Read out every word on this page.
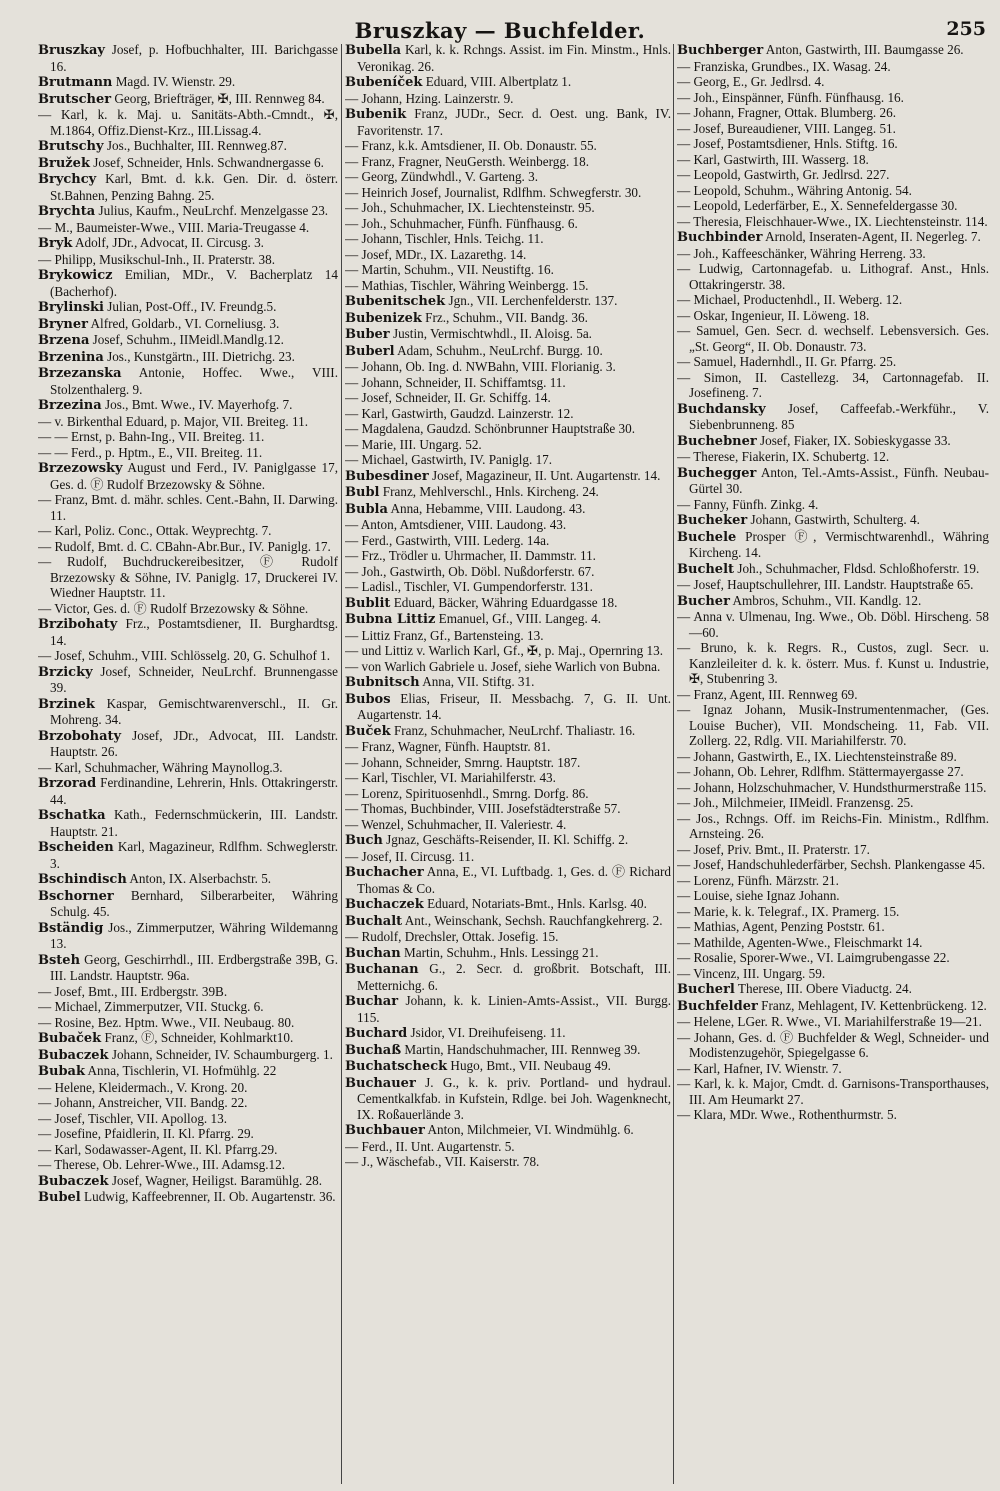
Bruszkay — Buchfelder.	255

Bruszkay Josef, p. Hofbuchhalter, III. Barichgasse 16.

Brutmann Magd. IV. Wienstr. 29.

Brutscher Georg, Briefträger, ✠, III. Rennweg 84.

— Karl, k. k. Maj. u. Sanitäts-Abth.-Cmndt., ✠, M.1864, Offiz.Dienst-Krz., III.Lissag.4.

Brutschy Jos., Buchhalter, III. Rennweg.87.

Bružek Josef, Schneider, Hnls. Schwandnergasse 6.

Brychcy Karl, Bmt. d. k.k. Gen. Dir. d. österr. St.Bahnen, Penzing Bahng. 25.

Brychta Julius, Kaufm., NeuLrchf. Menzelgasse 23.

— M., Baumeister-Wwe., VIII. Maria-Treugasse 4.

Bryk Adolf, JDr., Advocat, II. Circusg. 3.

— Philipp, Musikschul-Inh., II. Praterstr. 38.

Brykowicz Emilian, MDr., V. Bacherplatz 14 (Bacherhof).

Brylinski Julian, Post-Off., IV. Freundg.5.

Bryner Alfred, Goldarb., VI. Corneliusg. 3.

Brzena Josef, Schuhm., IIMeidl.Mandlg.12.

Brzenina Jos., Kunstgärtn., III. Dietrichg. 23.

Brzezanska Antonie, Hoffec. Wwe., VIII. Stolzenthalerg. 9.

Brzezina Jos., Bmt. Wwe., IV. Mayerhofg. 7.

— v. Birkenthal Eduard, p. Major, VII. Breiteg. 11.

— — Ernst, p. Bahn-Ing., VII. Breiteg. 11.

— — Ferd., p. Hptm., E., VII. Breiteg. 11.

Brzezowsky August und Ferd., IV. Paniglgasse 17, Ges. d. Ⓕ Rudolf Brzezowsky & Söhne.

— Franz, Bmt. d. mähr. schles. Cent.-Bahn, II. Darwing. 11.

— Karl, Poliz. Conc., Ottak. Weyprechtg. 7.

— Rudolf, Bmt. d. C. CBahn-Abr.Bur., IV. Paniglg. 17.

— Rudolf, Buchdruckereibesitzer, Ⓕ Rudolf Brzezowsky & Söhne, IV. Paniglg. 17, Druckerei IV. Wiedner Hauptstr. 11.

— Victor, Ges. d. Ⓕ Rudolf Brzezowsky & Söhne.

Brzibohaty Frz., Postamtsdiener, II. Burghardtsg. 14.

— Josef, Schuhm., VIII. Schlösselg. 20, G. Schulhof 1.

Brzicky Josef, Schneider, NeuLrchf. Brunnengasse 39.

Brzinek Kaspar, Gemischtwarenverschl., II. Gr. Mohreng. 34.

Brzobohaty Josef, JDr., Advocat, III. Landstr. Hauptstr. 26.

— Karl, Schuhmacher, Währing Maynollog.3.

Brzorad Ferdinandine, Lehrerin, Hnls. Ottakringerstr. 44.

Bschatka Kath., Federnschmückerin, III. Landstr. Hauptstr. 21.

Bscheiden Karl, Magazineur, Rdlfhm. Schweglerstr. 3.

Bschindisch Anton, IX. Alserbachstr. 5.

Bschorner Bernhard, Silberarbeiter, Währing Schulg. 45.

Bständig Jos., Zimmerputzer, Währing Wildemanng 13.

Bsteh Georg, Geschirrhdl., III. Erdbergstraße 39B, G. III. Landstr. Hauptstr. 96a.

— Josef, Bmt., III. Erdbergstr. 39B.

— Michael, Zimmerputzer, VII. Stuckg. 6.

— Rosine, Bez. Hptm. Wwe., VII. Neubaug. 80.

Bubaček Franz, Ⓕ, Schneider, Kohlmarkt10.

Bubaczek Johann, Schneider, IV. Schaumburgerg. 1.

Bubak Anna, Tischlerin, VI. Hofmühlg. 22

— Helene, Kleidermach., V. Krong. 20.

— Johann, Anstreicher, VII. Bandg. 22.

— Josef, Tischler, VII. Apollog. 13.

— Josefine, Pfaidlerin, II. Kl. Pfarrg. 29.

— Karl, Sodawasser-Agent, II. Kl. Pfarrg.29.

— Therese, Ob. Lehrer-Wwe., III. Adamsg.12.

Bubaczek Josef, Wagner, Heiligst. Baramühlg. 28.

Bubel Ludwig, Kaffeebrenner, II. Ob. Augartenstr. 36.

Bubella Karl, k. k. Rchngs. Assist. im Fin. Minstm., Hnls. Veronikag. 26.

Bubeníček Eduard, VIII. Albertplatz 1.

— Johann, Hzing. Lainzerstr. 9.

Bubenik Franz, JUDr., Secr. d. Oest. ung. Bank, IV. Favoritenstr. 17.

— Franz, k.k. Amtsdiener, II. Ob. Donaustr. 55.

— Franz, Fragner, NeuGersth. Weinbergg. 18.

— Georg, Zündwhdl., V. Garteng. 3.

— Heinrich Josef, Journalist, Rdlfhm. Schwegferstr. 30.

— Joh., Schuhmacher, IX. Liechtensteinstr. 95.

— Joh., Schuhmacher, Fünfh. Fünfhausg. 6.

— Johann, Tischler, Hnls. Teichg. 11.

— Josef, MDr., IX. Lazarethg. 14.

— Martin, Schuhm., VII. Neustiftg. 16.

— Mathias, Tischler, Währing Weinbergg. 15.

Bubenitschek Jgn., VII. Lerchenfelderstr. 137.

Bubenizek Frz., Schuhm., VII. Bandg. 36.

Buber Justin, Vermischtwhdl., II. Aloisg. 5a.

Buberl Adam, Schuhm., NeuLrchf. Burgg. 10.

— Johann, Ob. Ing. d. NWBahn, VIII. Florianig. 3.

— Johann, Schneider, II. Schiffamtsg. 11.

— Josef, Schneider, II. Gr. Schiffg. 14.

— Karl, Gastwirth, Gaudzd. Lainzerstr. 12.

— Magdalena, Gaudzd. Schönbrunner Hauptstraße 30.

— Marie, III. Ungarg. 52.

— Michael, Gastwirth, IV. Paniglg. 17.

Bubesdiner Josef, Magazineur, II. Unt. Augartenstr. 14.

Bubl Franz, Mehlverschl., Hnls. Kircheng. 24.

Bubla Anna, Hebamme, VIII. Laudong. 43.

— Anton, Amtsdiener, VIII. Laudong. 43.

— Ferd., Gastwirth, VIII. Lederg. 14a.

— Frz., Trödler u. Uhrmacher, II. Dammstr. 11.

— Joh., Gastwirth, Ob. Döbl. Nußdorferstr. 67.

— Ladisl., Tischler, VI. Gumpendorferstr. 131.

Bublit Eduard, Bäcker, Währing Eduardgasse 18.

Bubna Littiz Emanuel, Gf., VIII. Langeg. 4.

— Littiz Franz, Gf., Bartensteing. 13.

— und Littiz v. Warlich Karl, Gf., ✠, p. Maj., Opernring 13.

— von Warlich Gabriele u. Josef, siehe Warlich von Bubna.

Bubnitsch Anna, VII. Stiftg. 31.

Bubos Elias, Friseur, II. Messbachg. 7, G. II. Unt. Augartenstr. 14.

Buček Franz, Schuhmacher, NeuLrchf. Thaliastr. 16.

— Franz, Wagner, Fünfh. Hauptstr. 81.

— Johann, Schneider, Smrng. Hauptstr. 187.

— Karl, Tischler, VI. Mariahilferstr. 43.

— Lorenz, Spirituosenhdl., Smrng. Dorfg. 86.

— Thomas, Buchbinder, VIII. Josefstädterstraße 57.

— Wenzel, Schuhmacher, II. Valeriestr. 4.

Buch Jgnaz, Geschäfts-Reisender, II. Kl. Schiffg. 2.

— Josef, II. Circusg. 11.

Buchacher Anna, E., VI. Luftbadg. 1, Ges. d. Ⓕ Richard Thomas & Co.

Buchaczek Eduard, Notariats-Bmt., Hnls. Karlsg. 40.

Buchalt Ant., Weinschank, Sechsh. Rauchfangkehrerg. 2.

— Rudolf, Drechsler, Ottak. Josefig. 15.

Buchan Martin, Schuhm., Hnls. Lessingg 21.

Buchanan G., 2. Secr. d. großbrit. Botschaft, III. Metternichg. 6.

Buchar Johann, k. k. Linien-Amts-Assist., VII. Burgg. 115.

Buchard Jsidor, VI. Dreihufeiseng. 11.

Buchaß Martin, Handschuhmacher, III. Rennweg 39.

Buchatscheck Hugo, Bmt., VII. Neubaug 49.

Buchauer J. G., k. k. priv. Portland- und hydraul. Cementkalkfab. in Kufstein, Rdlge. bei Joh. Wagenknecht, IX. Roßauerlände 3.

Buchbauer Anton, Milchmeier, VI. Windmühlg. 6.

— Ferd., II. Unt. Augartenstr. 5.

— J., Wäschefab., VII. Kaiserstr. 78.

Buchberger Anton, Gastwirth, III. Baumgasse 26.

— Franziska, Grundbes., IX. Wasag. 24.

— Georg, E., Gr. Jedlrsd. 4.

— Joh., Einspänner, Fünfh. Fünfhausg. 16.

— Johann, Fragner, Ottak. Blumberg. 26.

— Josef, Bureaudiener, VIII. Langeg. 51.

— Josef, Postamtsdiener, Hnls. Stiftg. 16.

— Karl, Gastwirth, III. Wasserg. 18.

— Leopold, Gastwirth, Gr. Jedlrsd. 227.

— Leopold, Schuhm., Währing Antonig. 54.

— Leopold, Lederfärber, E., X. Sennefeldergasse 30.

— Theresia, Fleischhauer-Wwe., IX. Liechtensteinstr. 114.

Buchbinder Arnold, Inseraten-Agent, II. Negerleg. 7.

— Joh., Kaffeeschänker, Währing Herreng. 33.

— Ludwig, Cartonnagefab. u. Lithograf. Anst., Hnls. Ottakringerstr. 38.

— Michael, Productenhdl., II. Weberg. 12.

— Oskar, Ingenieur, II. Löweng. 18.

— Samuel, Gen. Secr. d. wechself. Lebensversich. Ges. „St. Georg“, II. Ob. Donaustr. 73.

— Samuel, Hadernhdl., II. Gr. Pfarrg. 25.

— Simon, II. Castellezg. 34, Cartonnagefab. II. Josefineng. 7.

Buchdansky Josef, Caffeefab.-Werkführ., V. Siebenbrunneng. 85

Buchebner Josef, Fiaker, IX. Sobieskygasse 33.

— Therese, Fiakerin, IX. Schubertg. 12.

Buchegger Anton, Tel.-Amts-Assist., Fünfh. Neubau-Gürtel 30.

— Fanny, Fünfh. Zinkg. 4.

Bucheker Johann, Gastwirth, Schulterg. 4.

Buchele Prosper Ⓕ, Vermischtwarenhdl., Währing Kircheng. 14.

Buchelt Joh., Schuhmacher, Fldsd. Schloßhoferstr. 19.

— Josef, Hauptschullehrer, III. Landstr. Hauptstraße 65.

Bucher Ambros, Schuhm., VII. Kandlg. 12.

— Anna v. Ulmenau, Ing. Wwe., Ob. Döbl. Hirscheng. 58—60.

— Bruno, k. k. Regrs. R., Custos, zugl. Secr. u. Kanzleileiter d. k. k. österr. Mus. f. Kunst u. Industrie, ✠, Stubenring 3.

— Franz, Agent, III. Rennweg 69.

— Ignaz Johann, Musik-Instrumentenmacher, (Ges. Louise Bucher), VII. Mondscheing. 11, Fab. VII. Zollerg. 22, Rdlg. VII. Mariahilferstr. 70.

— Johann, Gastwirth, E., IX. Liechtensteinstraße 89.

— Johann, Ob. Lehrer, Rdlfhm. Stättermayergasse 27.

— Johann, Holzschuhmacher, V. Hundsthurmerstraße 115.

— Joh., Milchmeier, IIMeidl. Franzensg. 25.

— Jos., Rchngs. Off. im Reichs-Fin. Ministm., Rdlfhm. Arnsteing. 26.

— Josef, Priv. Bmt., II. Praterstr. 17.

— Josef, Handschuhlederfärber, Sechsh. Plankengasse 45.

— Lorenz, Fünfh. Märzstr. 21.

— Louise, siehe Ignaz Johann.

— Marie, k. k. Telegraf., IX. Pramerg. 15.

— Mathias, Agent, Penzing Poststr. 61.

— Mathilde, Agenten-Wwe., Fleischmarkt 14.

— Rosalie, Sporer-Wwe., VI. Laimgrubengasse 22.

— Vincenz, III. Ungarg. 59.

Bucherl Therese, III. Obere Viaductg. 24.

Buchfelder Franz, Mehlagent, IV. Kettenbrückeng. 12.

— Helene, LGer. R. Wwe., VI. Mariahilferstraße 19—21.

— Johann, Ges. d. Ⓕ Buchfelder & Wegl, Schneider- und Modistenzugehör, Spiegelgasse 6.

— Karl, Hafner, IV. Wienstr. 7.

— Karl, k. k. Major, Cmdt. d. Garnisons-Transporthauses, III. Am Heumarkt 27.

— Klara, MDr. Wwe., Rothenthurmstr. 5.
